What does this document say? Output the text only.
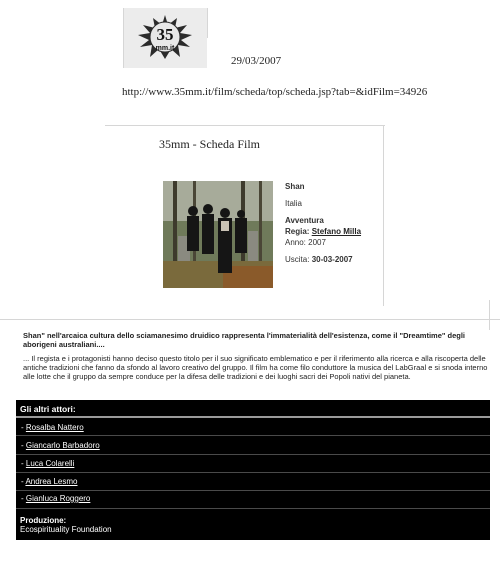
35
mm.it
29/03/2007
http://www.35mm.it/film/scheda/top/scheda.jsp?tab=&idFilm=34926
35mm - Scheda Film
Shan
Italia
Avventura
Regia: Stefano Milla
Anno: 2007
Uscita: 30-03-2007
Shan" nell'arcaica cultura dello sciamanesimo druidico rappresenta l'immaterialità dell'esistenza, come il "Dreamtime" degli aborigeni australiani....
... Il regista e i protagonisti hanno deciso questo titolo per il suo significato emblematico e per il riferimento alla ricerca e alla riscoperta delle antiche tradizioni che fanno da sfondo al lavoro creativo del gruppo. Il film ha come filo conduttore la musica del LabGraal e si snoda interno alle lotte che il gruppo da sempre conduce per la difesa delle tradizioni e dei luoghi sacri dei Popoli nativi del pianeta.
Gli altri attori:
- Rosalba Nattero
- Giancarlo Barbadoro
- Luca Colarelli
- Andrea Lesmo
- Gianluca Roggero
Produzione:
Ecospirituality Foundation
